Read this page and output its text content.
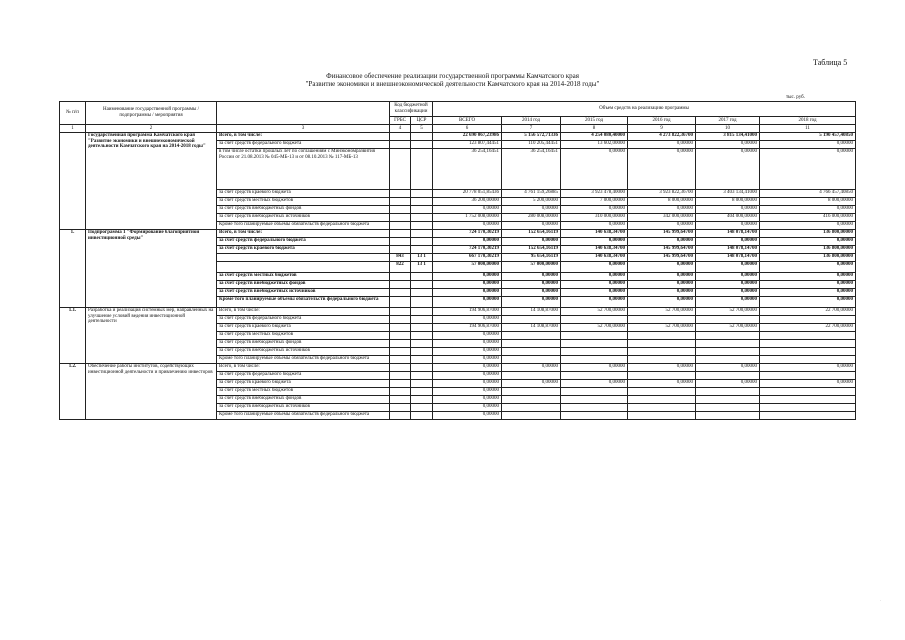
Таблица 5
Финансовое обеспечение реализации государственной программы Камчатского края
"Развитие экономики и внешнеэкономической деятельности Камчатского края на 2014-2018 годы"
тыс. руб.
№ п/п	Наименование государственной программы / подпрограммы / мероприятия		Код бюджетной классификации		Объем средств на реализацию программы					
					ВСЕГО	2014 год	2015 год	2016 год	2017 год	2018 год
			ГРБС	ЦСР						
1	2	3	4	5	6	7	8	9	10	11
	Государственная программа Камчатского края "Развитие экономики и внешнеэкономической деятельности Камчатского края на 2014-2018 годы"	Всего, в том числе:			22 690 067,23986	5 156 572,71336	4 254 080,40000	4 273 822,36700	3 815 134,41000	5 190 457,40850
		за счет средств федерального бюджета			123 807,44451	110 205,44451	13 602,00000	0,00000	0,00000	0,00000
		в том числе остатки прошлых лет по соглашениям с Минэкономразвития России от 21.08.2013 № 045-МБ-13 и от 08.10.2013 № 117-МБ-13			36 254,16451	36 254,16451	0,00000	0,00000	0,00000	0,00000
		за счет средств краевого бюджета			20 778 051,85436	4 761 159,26885	3 923 478,40000	3 923 822,36700	3 403 134,41000	4 766 457,40850
		за счет средств местных бюджетов			36 200,00000	5 200,00000	7 000,00000	8 000,00000	8 000,00000	8 000,00000
		за счет средств внебюджетных фондов			0,00000	0,00000	0,00000	0,00000	0,00000	0,00000
		за счет средств внебюджетных источников			1 752 008,00000	280 008,00000	310 000,00000	342 000,00000	404 000,00000	416 000,00000
		Кроме того планируемые объемы обязательств федерального бюджета			0,00000	0,00000	0,00000	0,00000	0,00000	0,00000
1.	Подпрограмма 1 "Формирование благоприятной инвестиционной среды"	Всего, в том числе:			724 170,30219	152 654,16119	140 638,34700	145 999,64700	148 078,14700	136 800,00000
		за счет средств федерального бюджета			0,00000	0,00000	0,00000	0,00000	0,00000	0,00000
		за счет средств краевого бюджета			724 170,30219	152 654,16119	140 638,34700	145 999,64700	148 078,14700	136 800,00000
			843	13 1	667 170,30219	95 654,16119	140 638,34700	145 999,64700	148 078,14700	136 800,00000
			822	13 1	57 000,00000	57 000,00000	0,00000	0,00000	0,00000	0,00000
		за счет средств местных бюджетов			0,00000	0,00000	0,00000	0,00000	0,00000	0,00000
		за счет средств внебюджетных фондов			0,00000	0,00000	0,00000	0,00000	0,00000	0,00000
		за счет средств внебюджетных источников			0,00000	0,00000	0,00000	0,00000	0,00000	0,00000
		Кроме того планируемые объемы обязательств федерального бюджета			0,00000	0,00000	0,00000	0,00000	0,00000	0,00000
1.1.	Разработка и реализация системных мер, направленных на улучшение условий ведения инвестиционной деятельности	Всего, в том числе:			194 906,87000	14 108,87000	52 700,00000	52 700,00000	52 700,00000	22 700,00000
		за счет средств федерального бюджета			0,00000					
		за счет средств краевого бюджета			194 906,87000	14 108,87000	52 700,00000	52 700,00000	52 700,00000	22 700,00000
		за счет средств местных бюджетов			0,00000					
		за счет средств внебюджетных фондов			0,00000					
		за счет средств внебюджетных источников			0,00000					
		Кроме того планируемые объемы обязательств федерального бюджета			0,00000					
1.2.	Обеспечение работы институтов, содействующих инвестиционной деятельности и привлечению инвесторов	Всего, в том числе:			0,00000	0,00000	0,00000	0,00000	0,00000	0,00000
		за счет средств федерального бюджета			0,00000					
		за счет средств краевого бюджета			0,00000	0,00000	0,00000	0,00000	0,00000	0,00000
		за счет средств местных бюджетов			0,00000					
		за счет средств внебюджетных фондов			0,00000					
		за счет средств внебюджетных источников			0,00000					
		Кроме того планируемые объемы обязательств федерального бюджета			0,00000					
·
